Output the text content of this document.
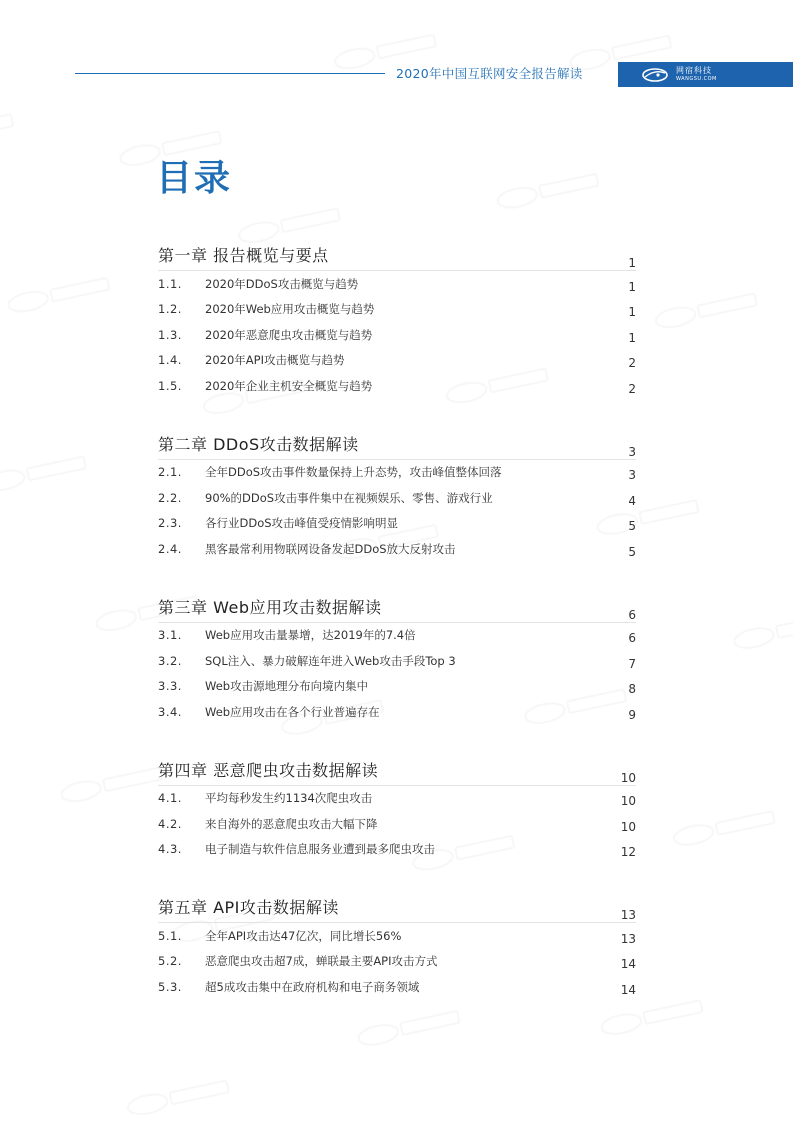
2020年中国互联网安全报告解读	网宿科技
WANGSU.COM
目录
第一章 报告概览与要点	1
1.1.	2020年DDoS攻击概览与趋势	1
1.2.	2020年Web应用攻击概览与趋势	1
1.3.	2020年恶意爬虫攻击概览与趋势	1
1.4.	2020年API攻击概览与趋势	2
1.5.	2020年企业主机安全概览与趋势	2
第二章 DDoS攻击数据解读	3
2.1.	全年DDoS攻击事件数量保持上升态势，攻击峰值整体回落	3
2.2.	90%的DDoS攻击事件集中在视频娱乐、零售、游戏行业	4
2.3.	各行业DDoS攻击峰值受疫情影响明显	5
2.4.	黑客最常利用物联网设备发起DDoS放大反射攻击	5
第三章 Web应用攻击数据解读	6
3.1.	Web应用攻击量暴增，达2019年的7.4倍	6
3.2.	SQL注入、暴力破解连年进入Web攻击手段Top 3	7
3.3.	Web攻击源地理分布向境内集中	8
3.4.	Web应用攻击在各个行业普遍存在	9
第四章 恶意爬虫攻击数据解读	10
4.1.	平均每秒发生约1134次爬虫攻击	10
4.2.	来自海外的恶意爬虫攻击大幅下降	10
4.3.	电子制造与软件信息服务业遭到最多爬虫攻击	12
第五章 API攻击数据解读	13
5.1.	全年API攻击达47亿次，同比增长56%	13
5.2.	恶意爬虫攻击超7成，蝉联最主要API攻击方式	14
5.3.	超5成攻击集中在政府机构和电子商务领域	14
